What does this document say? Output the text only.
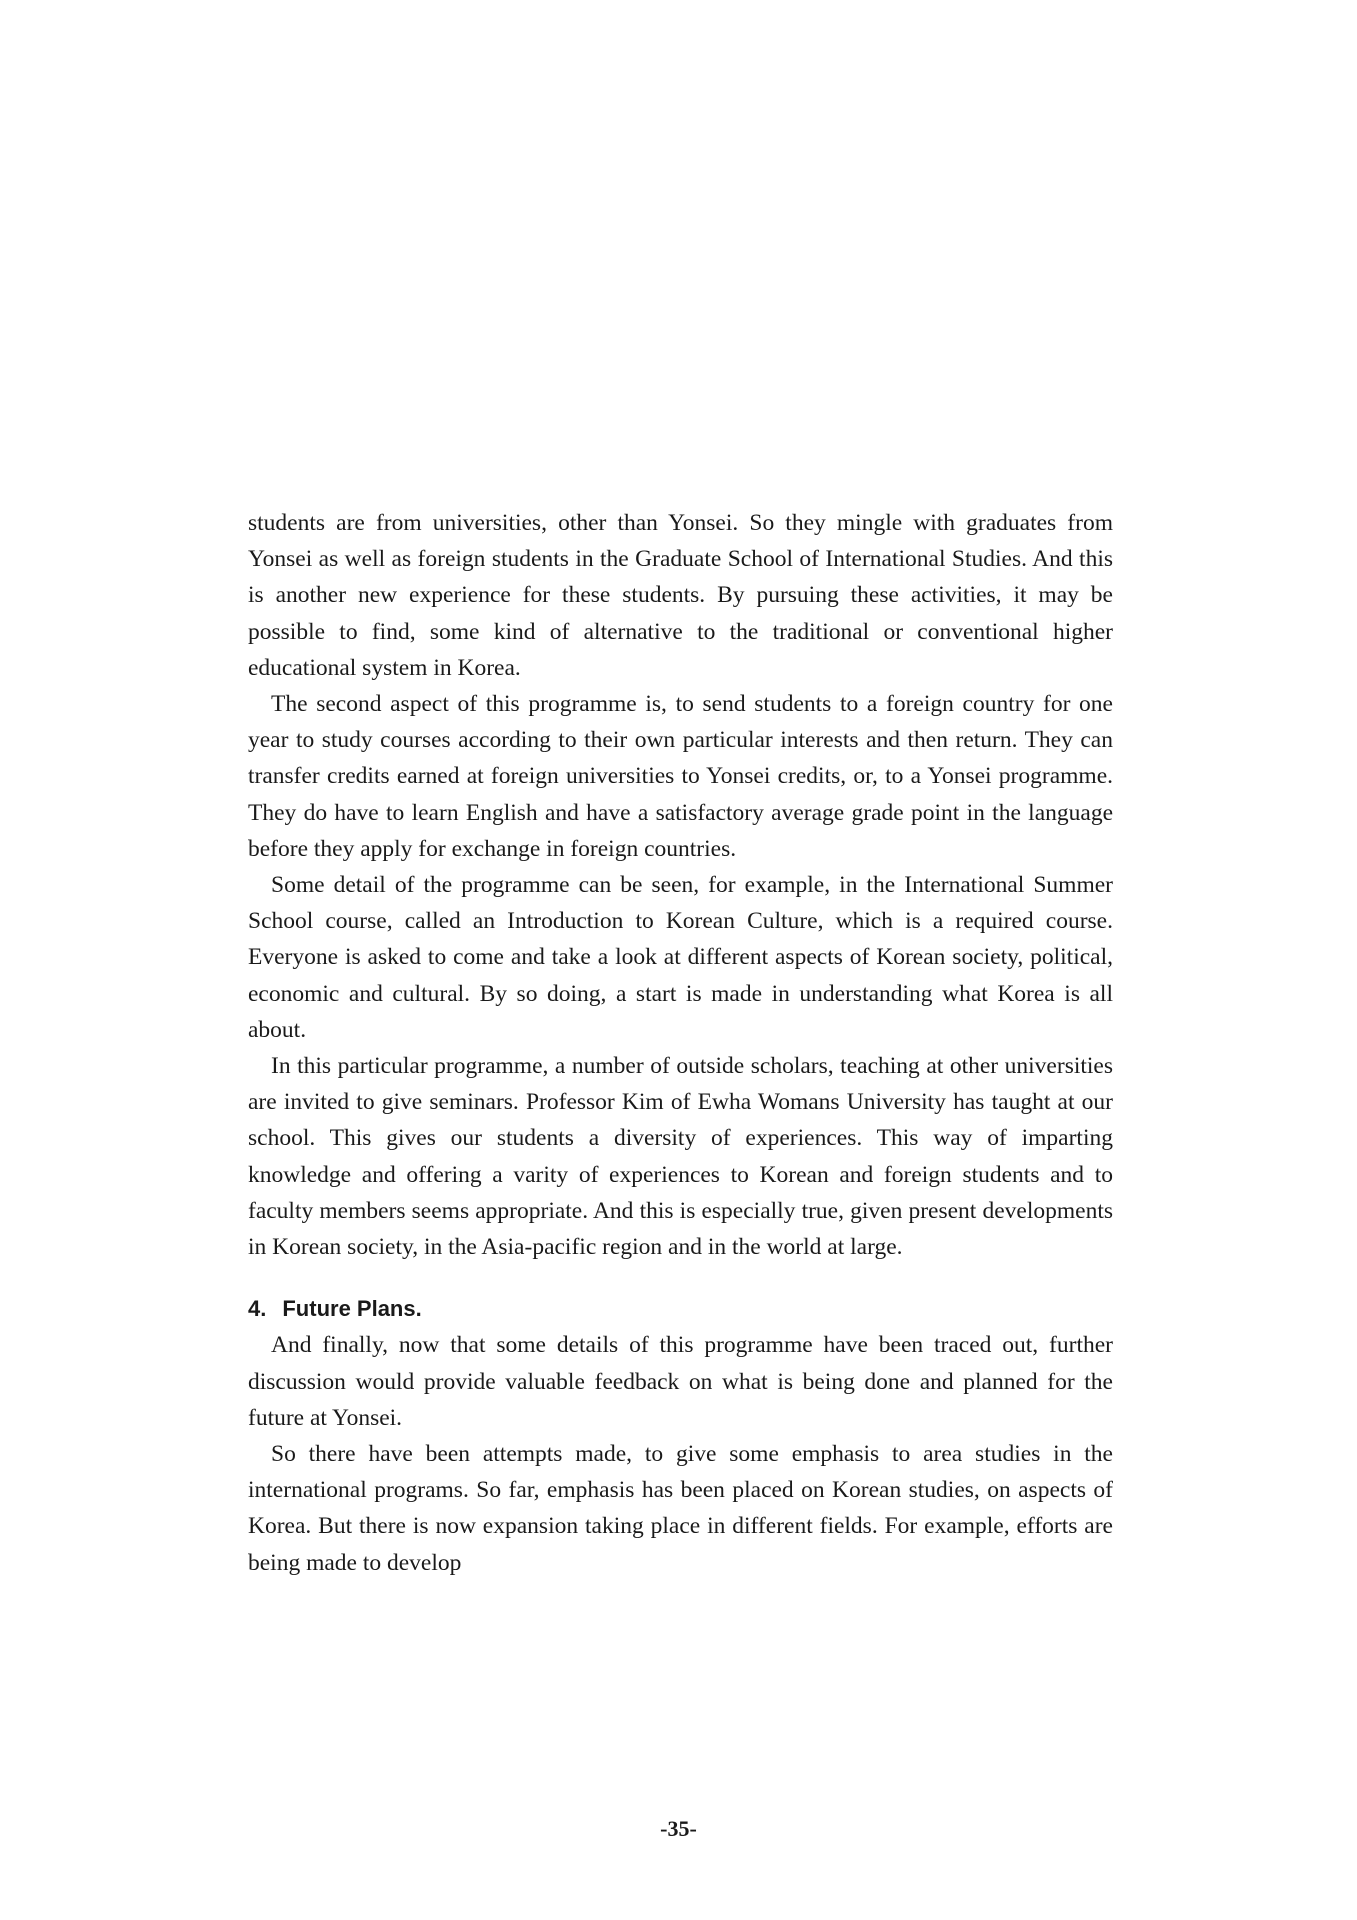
students are from universities, other than Yonsei. So they mingle with graduates from Yonsei as well as foreign students in the Graduate School of International Studies. And this is another new experience for these students. By pursuing these activities, it may be possible to find, some kind of alternative to the traditional or conventional higher educational system in Korea.

The second aspect of this programme is, to send students to a foreign country for one year to study courses according to their own particular interests and then return. They can transfer credits earned at foreign universities to Yonsei credits, or, to a Yonsei programme. They do have to learn English and have a satisfactory average grade point in the language before they apply for exchange in foreign countries.

Some detail of the programme can be seen, for example, in the International Summer School course, called an Introduction to Korean Culture, which is a required course. Everyone is asked to come and take a look at different aspects of Korean society, political, economic and cultural. By so doing, a start is made in understanding what Korea is all about.

In this particular programme, a number of outside scholars, teaching at other universities are invited to give seminars. Professor Kim of Ewha Womans University has taught at our school. This gives our students a diversity of experiences. This way of imparting knowledge and offering a varity of experiences to Korean and foreign students and to faculty members seems appropriate. And this is especially true, given present developments in Korean society, in the Asia-pacific region and in the world at large.

4. Future Plans.

And finally, now that some details of this programme have been traced out, further discussion would provide valuable feedback on what is being done and planned for the future at Yonsei.

So there have been attempts made, to give some emphasis to area studies in the international programs. So far, emphasis has been placed on Korean studies, on aspects of Korea. But there is now expansion taking place in different fields. For example, efforts are being made to develop

-35-
